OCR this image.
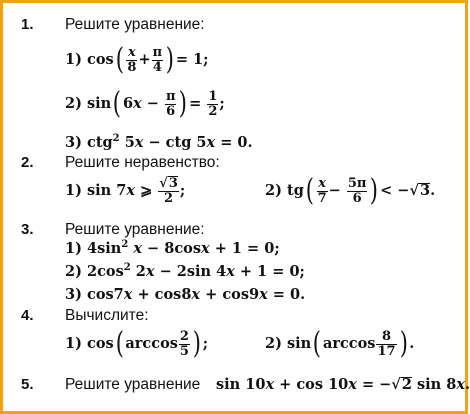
1. Решите уравнение:
1) $\cos( \frac{x}{8} + \frac{\pi}{4}$ ) = 1;
2) sin( $6x - \frac{\pi}{6}$ ) = $\frac{1}{2}$ ;
3) ctg$^2$ 5x − ctg 5x = 0.
2. Решите неравенство:
1) sin 7x ⩾ $\frac{√3}{2}$ ;	2) $tg( \frac{x}{7} - \frac{5\pi}{6}$ ) < −√3.
3. Решите уравнение:
1) $4\sin^2$ x − 8cosx + 1 = 0;
2) $2\cos^2$ 2x − 2sin 4x + 1 = 0;
3) cos7x + cos8x + cos9x = 0.
4. Вычислите:
1) cos( $\arccos \frac{2}{5}$ ) ;	2) sin( $\arccos \frac{8}{17}$ ) .
5. Решите уравнение sin 10x + cos 10x = −√2 sin 8x.
